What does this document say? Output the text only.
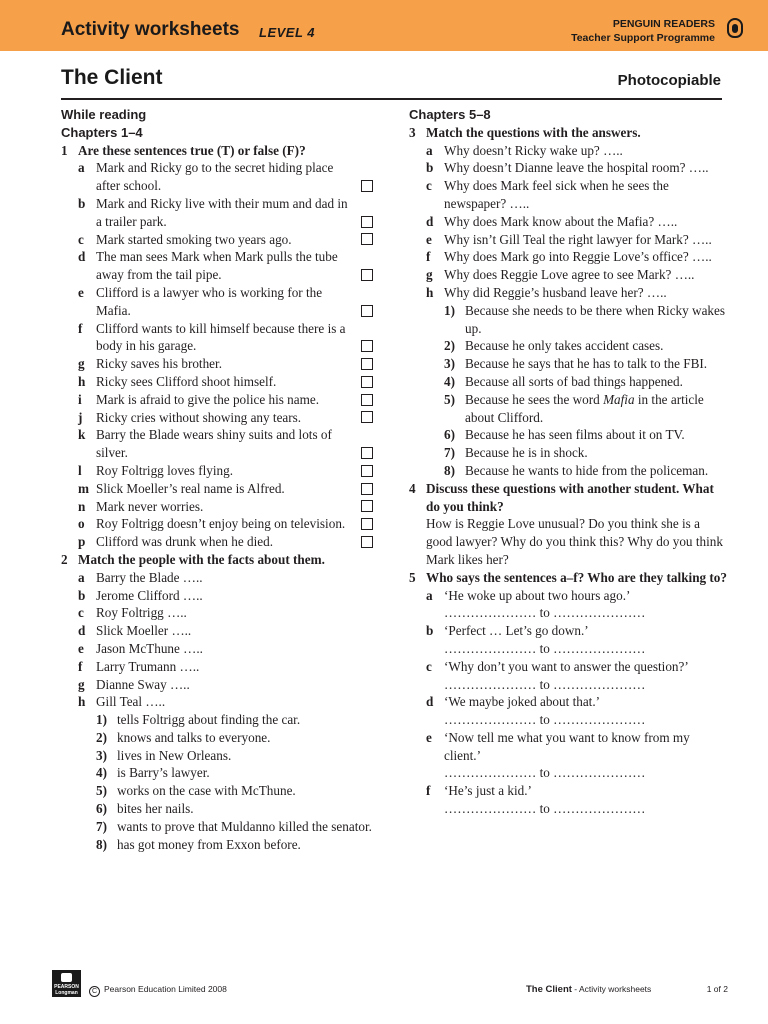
Activity worksheets LEVEL 4
PENGUIN READERS
Teacher Support Programme
The Client	Photocopiable
While reading
Chapters 1–4
1 Are these sentences true (T) or false (F)?
a Mark and Ricky go to the secret hiding place after school.
b Mark and Ricky live with their mum and dad in a trailer park.
c Mark started smoking two years ago.
d The man sees Mark when Mark pulls the tube away from the tail pipe.
e Clifford is a lawyer who is working for the Mafia.
f Clifford wants to kill himself because there is a body in his garage.
g Ricky saves his brother.
h Ricky sees Clifford shoot himself.
i Mark is afraid to give the police his name.
j Ricky cries without showing any tears.
k Barry the Blade wears shiny suits and lots of silver.
l Roy Foltrigg loves flying.
m Slick Moeller’s real name is Alfred.
n Mark never worries.
o Roy Foltrigg doesn’t enjoy being on television.
p Clifford was drunk when he died.
2 Match the people with the facts about them.
a Barry the Blade …..
b Jerome Clifford …..
c Roy Foltrigg …..
d Slick Moeller …..
e Jason McThune …..
f Larry Trumann …..
g Dianne Sway …..
h Gill Teal …..
1) tells Foltrigg about finding the car.
2) knows and talks to everyone.
3) lives in New Orleans.
4) is Barry’s lawyer.
5) works on the case with McThune.
6) bites her nails.
7) wants to prove that Muldanno killed the senator.
8) has got money from Exxon before.
Chapters 5–8
3 Match the questions with the answers.
a Why doesn’t Ricky wake up? …..
b Why doesn’t Dianne leave the hospital room? …..
c Why does Mark feel sick when he sees the newspaper? …..
d Why does Mark know about the Mafia? …..
e Why isn’t Gill Teal the right lawyer for Mark? …..
f Why does Mark go into Reggie Love’s office? …..
g Why does Reggie Love agree to see Mark? …..
h Why did Reggie’s husband leave her? …..
1) Because she needs to be there when Ricky wakes up.
2) Because he only takes accident cases.
3) Because he says that he has to talk to the FBI.
4) Because all sorts of bad things happened.
5) Because he sees the word Mafia in the article about Clifford.
6) Because he has seen films about it on TV.
7) Because he is in shock.
8) Because he wants to hide from the policeman.
4 Discuss these questions with another student. What do you think?
How is Reggie Love unusual? Do you think she is a good lawyer? Why do you think this? Why do you think Mark likes her?
5 Who says the sentences a–f? Who are they talking to?
a ‘He woke up about two hours ago.’
………………… to …………………
b ‘Perfect … Let’s go down.’
………………… to …………………
c ‘Why don’t you want to answer the question?’
………………… to …………………
d ‘We maybe joked about that.’
………………… to …………………
e ‘Now tell me what you want to know from my client.’
………………… to …………………
f ‘He’s just a kid.’
………………… to …………………
PEARSON
Longman	C Pearson Education Limited 2008	The Client - Activity worksheets	1 of 2
